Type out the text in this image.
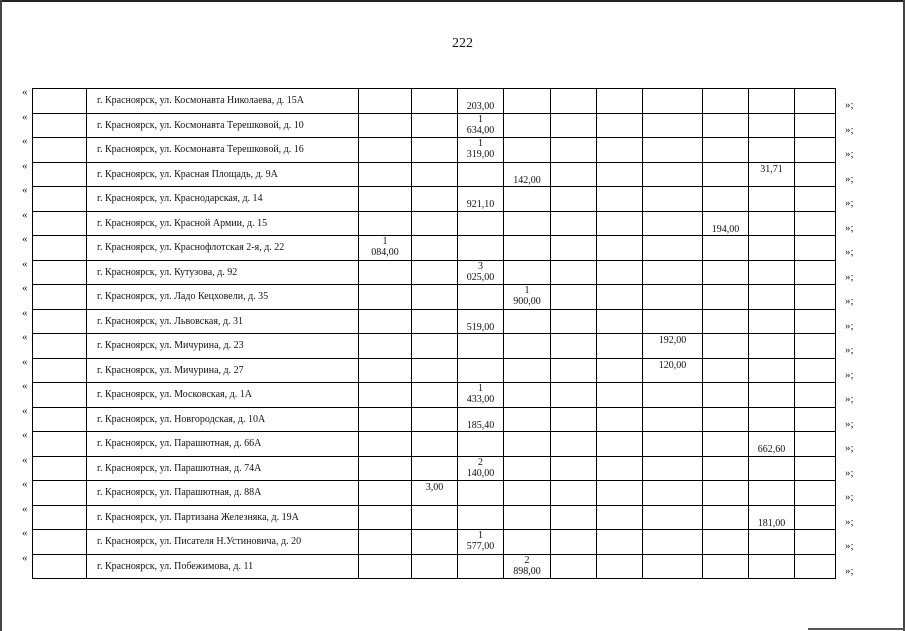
222
«
»;
«
»;
«
»;
«
»;
«
»;
«
»;
«
»;
«
»;
«
»;
«
»;
«
»;
«
»;
«
»;
«
»;
«
»;
«
»;
«
»;
«
»;
«
»;
«
»;
	г. Красноярск, ул. Космонавта Николаева, д. 15А			203,00							

	г. Красноярск, ул. Космонавта Терешковой, д. 10			1
634,00							

	г. Красноярск, ул. Космонавта Терешковой, д. 16			1
319,00							

	г. Красноярск, ул. Красная Площадь, д. 9А				142,00					31,71	

	г. Красноярск, ул. Краснодарская, д. 14			921,10							

	г. Красноярск, ул. Красной Армии, д. 15								194,00		

	г. Красноярск, ул. Краснофлотская 2-я, д. 22	1
084,00									

	г. Красноярск, ул. Кутузова, д. 92			3
025,00							

	г. Красноярск, ул. Ладо Кецховели, д. 35				1
900,00						

	г. Красноярск, ул. Львовская, д. 31			519,00							

	г. Красноярск, ул. Мичурина, д. 23							192,00			

	г. Красноярск, ул. Мичурина, д. 27							120,00			

	г. Красноярск, ул. Московская, д. 1А			1
433,00							

	г. Красноярск, ул. Новгородская, д. 10А			185,40							

	г. Красноярск, ул. Парашютная, д. 66А									662,60	

	г. Красноярск, ул. Парашютная, д. 74А			2
140,00							

	г. Красноярск, ул. Парашютная, д. 88А		3,00								

	г. Красноярск, ул. Партизана Железняка, д. 19А									181,00	

	г. Красноярск, ул. Писателя Н.Устиновича, д. 20			1
577,00							

	г. Красноярск, ул. Побежимова, д. 11				2
898,00						
